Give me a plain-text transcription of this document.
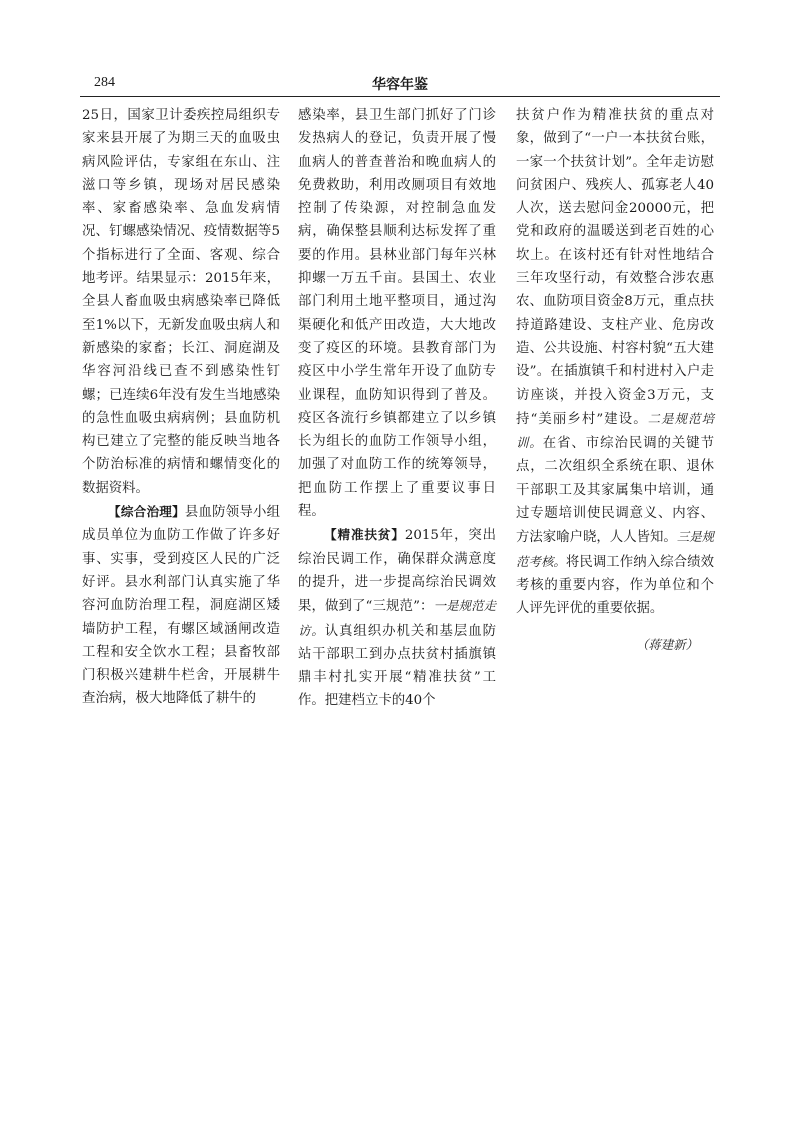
284	华容年鉴

25日，国家卫计委疾控局组织专家来县开展了为期三天的血吸虫病风险评估，专家组在东山、注滋口等乡镇，现场对居民感染率、家畜感染率、急血发病情况、钉螺感染情况、疫情数据等5个指标进行了全面、客观、综合地考评。结果显示：2015年来，全县人畜血吸虫病感染率已降低至1%以下，无新发血吸虫病人和新感染的家畜；长江、洞庭湖及华容河沿线已查不到感染性钉螺；已连续6年没有发生当地感染的急性血吸虫病病例；县血防机构已建立了完整的能反映当地各个防治标准的病情和螺情变化的数据资料。

【综合治理】县血防领导小组成员单位为血防工作做了许多好事、实事，受到疫区人民的广泛好评。县水利部门认真实施了华容河血防治理工程，洞庭湖区矮墙防护工程，有螺区域涵闸改造工程和安全饮水工程；县畜牧部门积极兴建耕牛栏舍，开展耕牛查治病，极大地降低了耕牛的

感染率，县卫生部门抓好了门诊发热病人的登记，负责开展了慢血病人的普查普治和晚血病人的免费救助，利用改厕项目有效地控制了传染源，对控制急血发病，确保整县顺利达标发挥了重要的作用。县林业部门每年兴林抑螺一万五千亩。县国土、农业部门利用土地平整项目，通过沟渠硬化和低产田改造，大大地改变了疫区的环境。县教育部门为疫区中小学生常年开设了血防专业课程，血防知识得到了普及。疫区各流行乡镇都建立了以乡镇长为组长的血防工作领导小组，加强了对血防工作的统筹领导，把血防工作摆上了重要议事日程。

【精准扶贫】2015年，突出综治民调工作，确保群众满意度的提升，进一步提高综治民调效果，做到了“三规范”：一是规范走访。认真组织办机关和基层血防站干部职工到办点扶贫村插旗镇鼎丰村扎实开展“精准扶贫”工作。把建档立卡的40个

扶贫户作为精准扶贫的重点对象，做到了“一户一本扶贫台账，一家一个扶贫计划”。全年走访慰问贫困户、残疾人、孤寡老人40人次，送去慰问金20000元，把党和政府的温暖送到老百姓的心坎上。在该村还有针对性地结合三年攻坚行动，有效整合涉农惠农、血防项目资金8万元，重点扶持道路建设、支柱产业、危房改造、公共设施、村容村貌“五大建设”。在插旗镇千和村进村入户走访座谈，并投入资金3万元，支持“美丽乡村”建设。二是规范培训。在省、市综治民调的关键节点，二次组织全系统在职、退休干部职工及其家属集中培训，通过专题培训使民调意义、内容、方法家喻户晓，人人皆知。三是规范考核。将民调工作纳入综合绩效考核的重要内容，作为单位和个人评先评优的重要依据。

（蒋建新）
